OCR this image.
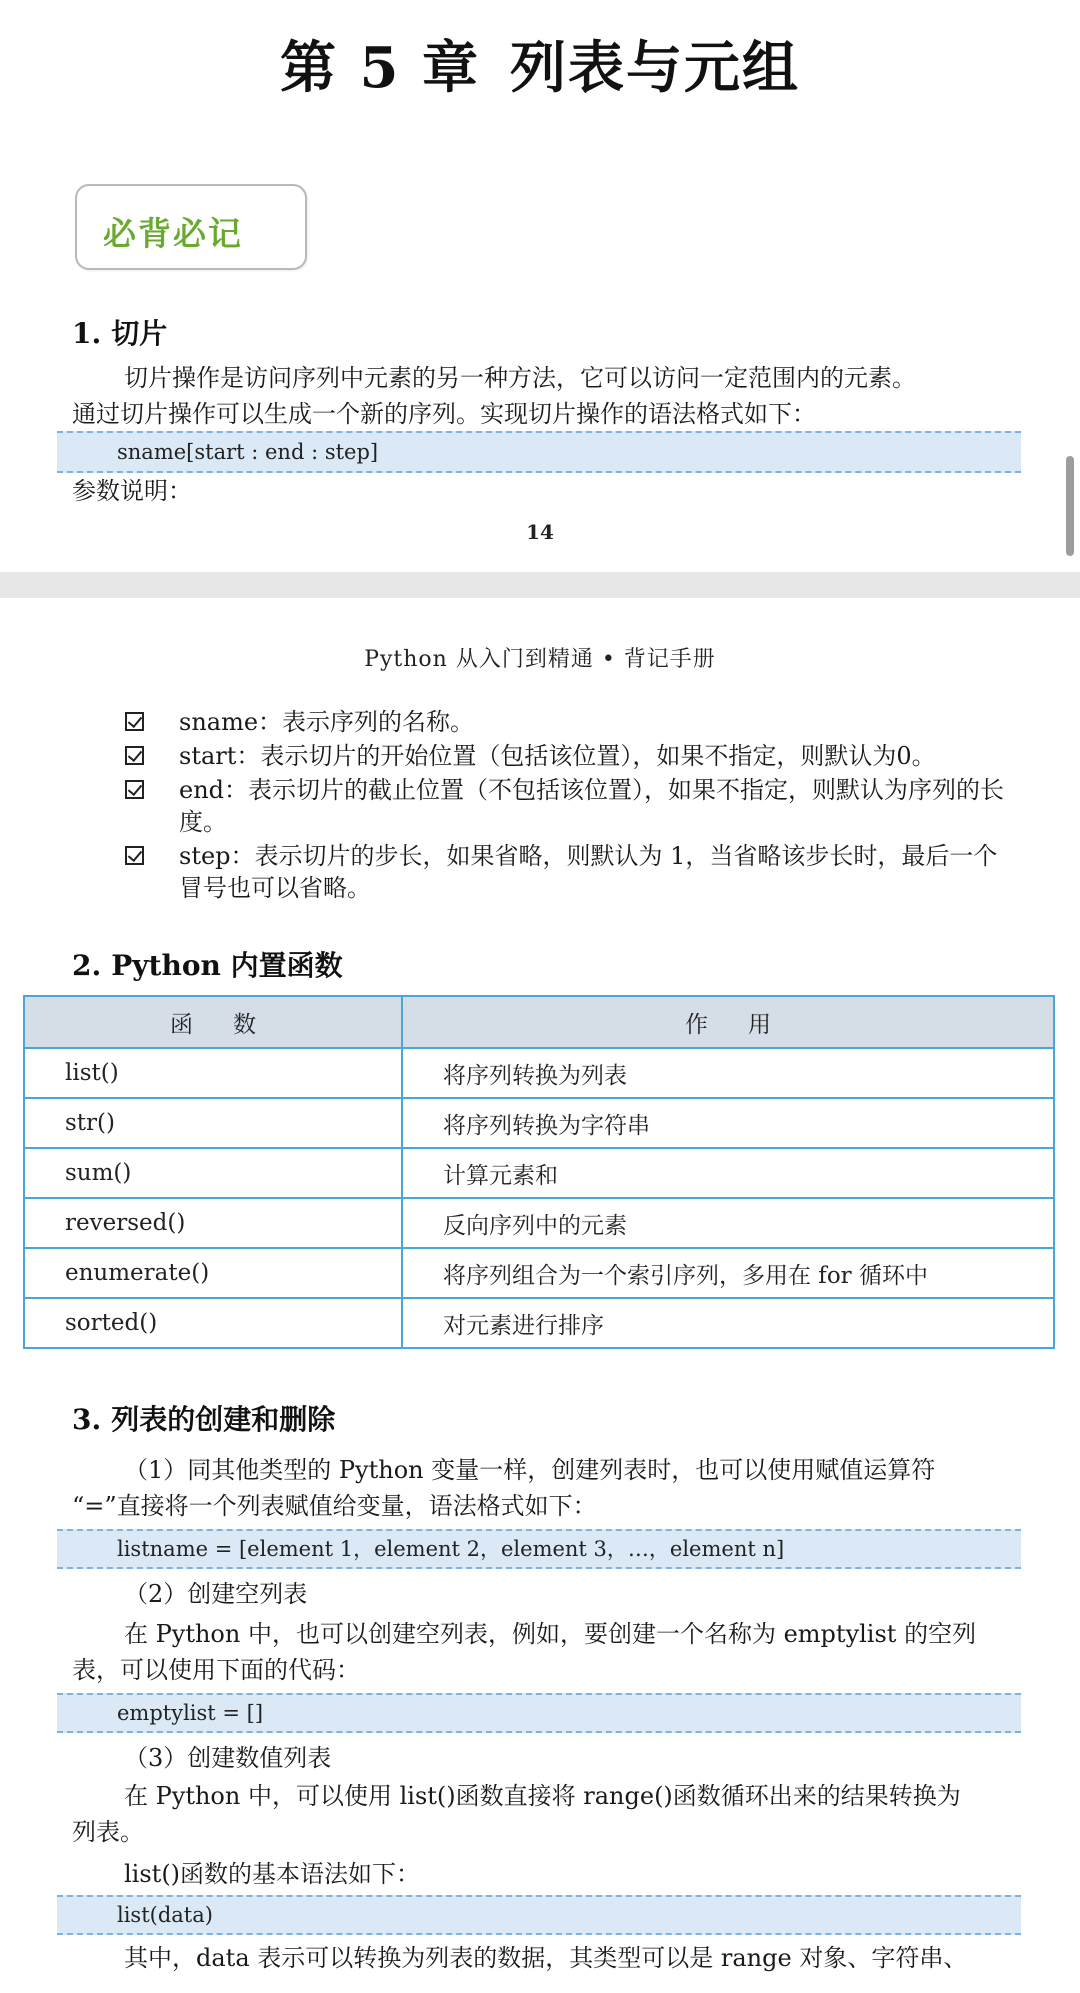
第 5 章 列表与元组
必背必记
1. 切片

切片操作是访问序列中元素的另一种方法，它可以访问一定范围内的元素。

通过切片操作可以生成一个新的序列。实现切片操作的语法格式如下：

sname[start : end : step]
参数说明：
14
Python 从入门到精通 • 背记手册
sname：表示序列的名称。
start：表示切片的开始位置（包括该位置），如果不指定，则默认为0。
end：表示切片的截止位置（不包括该位置），如果不指定，则默认为序列的长度。
step：表示切片的步长，如果省略，则默认为 1，当省略该步长时，最后一个冒号也可以省略。
2. Python 内置函数
函数	作用
list()	将序列转换为列表
str()	将序列转换为字符串
sum()	计算元素和
reversed()	反向序列中的元素
enumerate()	将序列组合为一个索引序列，多用在 for 循环中
sorted()	对元素进行排序
3. 列表的创建和删除

（1）同其他类型的 Python 变量一样，创建列表时，也可以使用赋值运算符

“=”直接将一个列表赋值给变量，语法格式如下：

listname = [element 1，element 2，element 3，…，element n]
（2）创建空列表

在 Python 中，也可以创建空列表，例如，要创建一个名称为 emptylist 的空列

表，可以使用下面的代码：

emptylist = []
（3）创建数值列表

在 Python 中，可以使用 list()函数直接将 range()函数循环出来的结果转换为

列表。

list()函数的基本语法如下：
list(data)
其中，data 表示可以转换为列表的数据，其类型可以是 range 对象、字符串、
